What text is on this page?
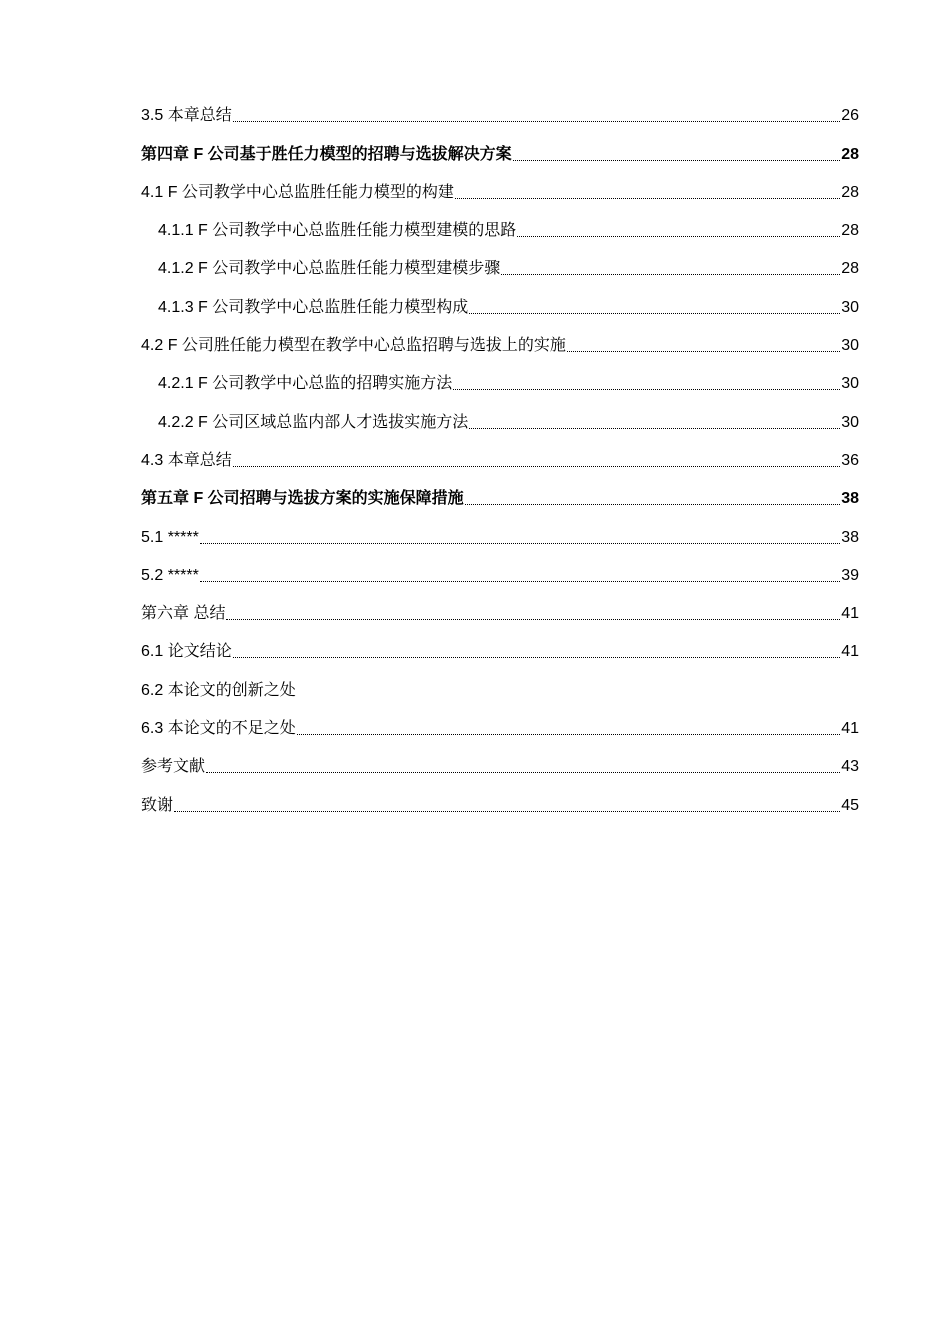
3.5 本章总结	26
第四章 F 公司基于胜任力模型的招聘与选拔解决方案	28
4.1 F 公司教学中心总监胜任能力模型的构建	28
4.1.1 F 公司教学中心总监胜任能力模型建模的思路	28
4.1.2 F 公司教学中心总监胜任能力模型建模步骤	28
4.1.3 F 公司教学中心总监胜任能力模型构成	30
4.2 F 公司胜任能力模型在教学中心总监招聘与选拔上的实施	30
4.2.1 F 公司教学中心总监的招聘实施方法	30
4.2.2 F 公司区域总监内部人才选拔实施方法	30
4.3 本章总结	36
第五章 F 公司招聘与选拔方案的实施保障措施	38
5.1 *****	38
5.2 *****	39
第六章 总结	41
6.1 论文结论	41
6.2 本论文的创新之处
6.3 本论文的不足之处	41
参考文献	43
致谢	45
